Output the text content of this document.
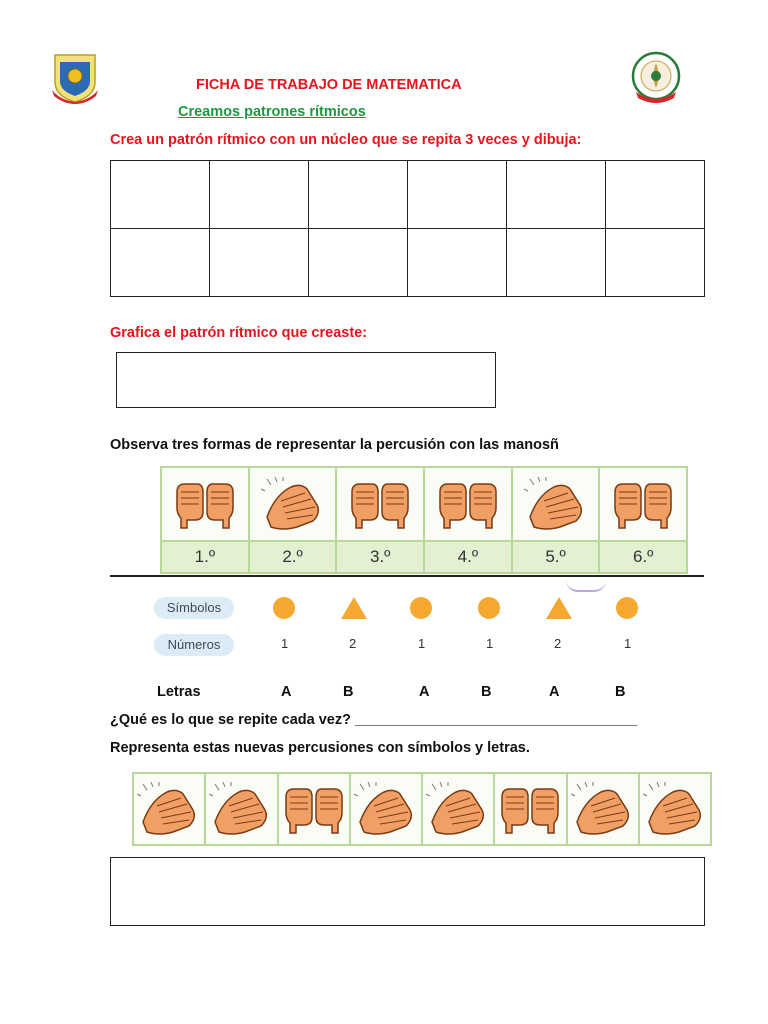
FICHA DE TRABAJO DE MATEMATICA
Creamos patrones rítmicos
Crea un patrón rítmico con un núcleo que se repita 3 veces y dibuja:

Grafica el patrón rítmico que creaste:
Observa tres formas de representar la percusión con las manosñ
1.º	2.º	3.º	4.º	5.º	6.º
Símbolos
Números	1	2	1	1	2	1
Letras	A	B	A	B	A	B
¿Qué es lo que se repite cada vez? ___________________________________
Representa estas nuevas percusiones con símbolos y letras.
